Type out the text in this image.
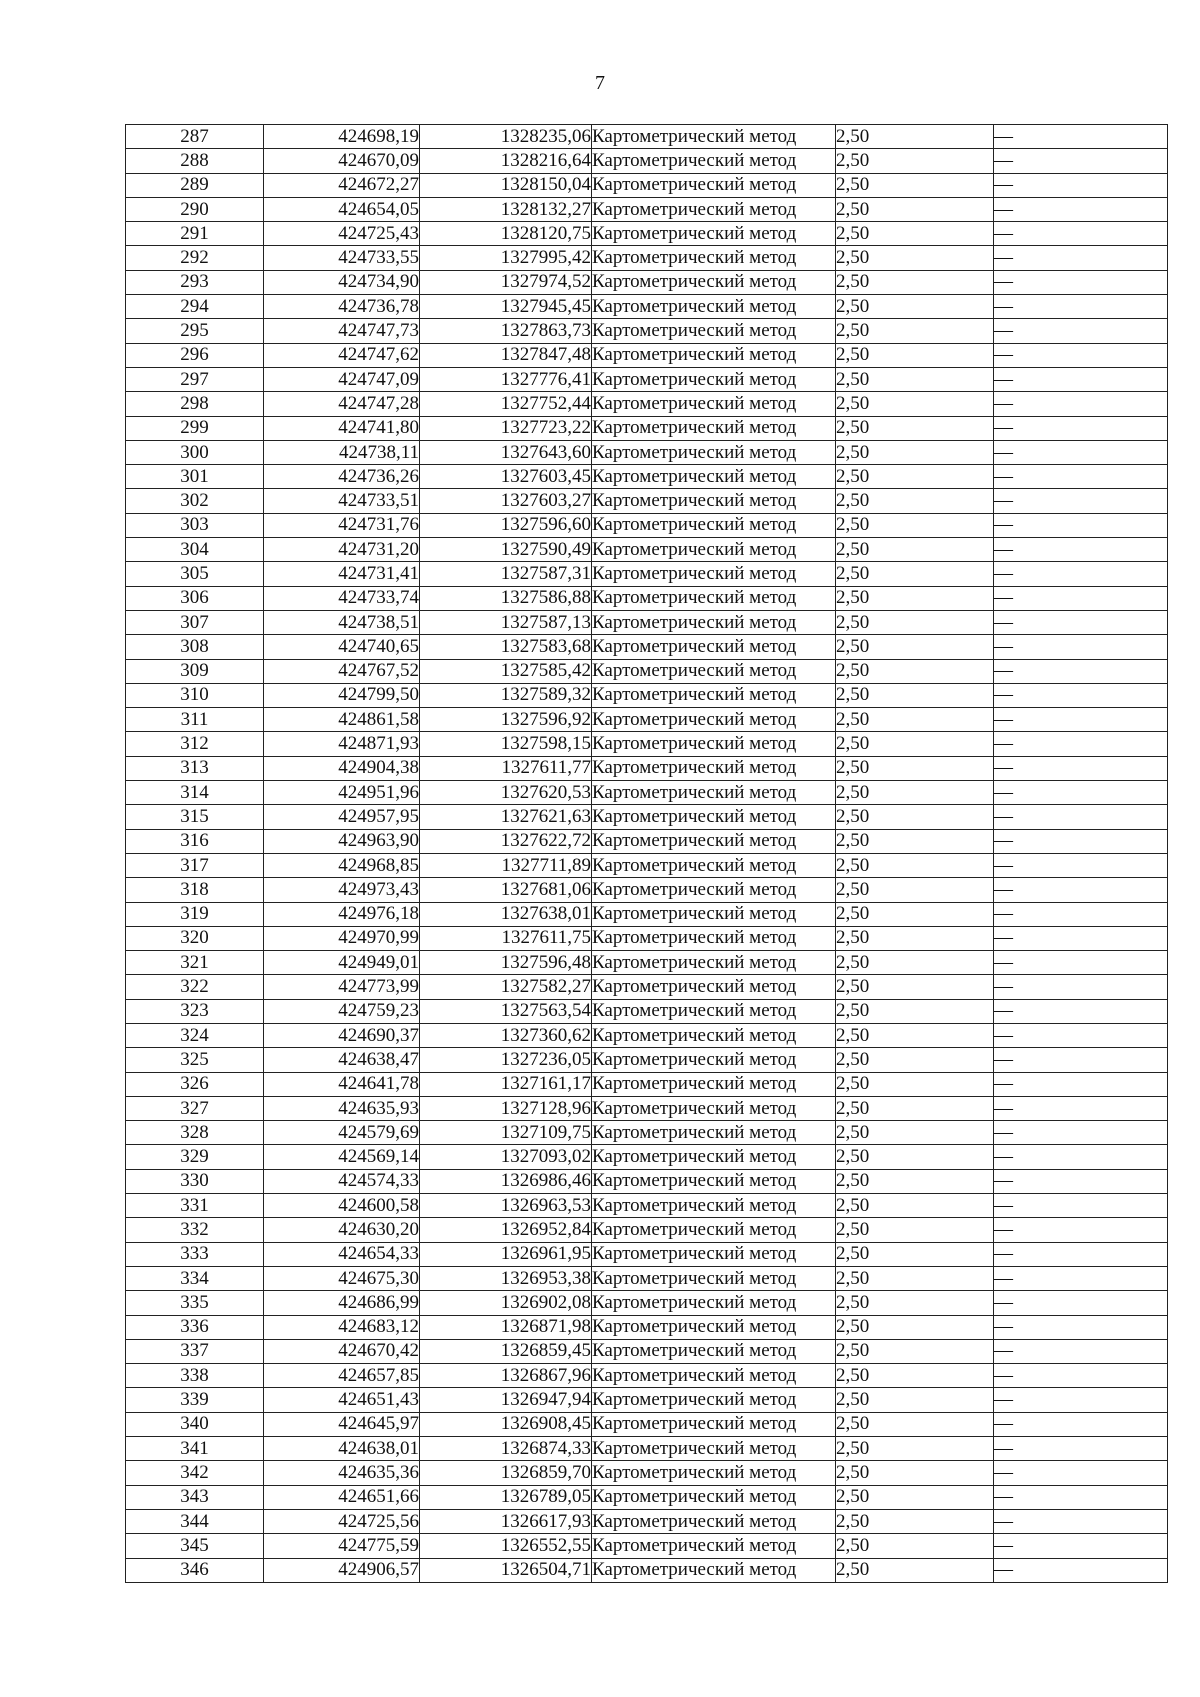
7
287	424698,19	1328235,06	Картометрический метод	2,50	—
288	424670,09	1328216,64	Картометрический метод	2,50	—
289	424672,27	1328150,04	Картометрический метод	2,50	—
290	424654,05	1328132,27	Картометрический метод	2,50	—
291	424725,43	1328120,75	Картометрический метод	2,50	—
292	424733,55	1327995,42	Картометрический метод	2,50	—
293	424734,90	1327974,52	Картометрический метод	2,50	—
294	424736,78	1327945,45	Картометрический метод	2,50	—
295	424747,73	1327863,73	Картометрический метод	2,50	—
296	424747,62	1327847,48	Картометрический метод	2,50	—
297	424747,09	1327776,41	Картометрический метод	2,50	—
298	424747,28	1327752,44	Картометрический метод	2,50	—
299	424741,80	1327723,22	Картометрический метод	2,50	—
300	424738,11	1327643,60	Картометрический метод	2,50	—
301	424736,26	1327603,45	Картометрический метод	2,50	—
302	424733,51	1327603,27	Картометрический метод	2,50	—
303	424731,76	1327596,60	Картометрический метод	2,50	—
304	424731,20	1327590,49	Картометрический метод	2,50	—
305	424731,41	1327587,31	Картометрический метод	2,50	—
306	424733,74	1327586,88	Картометрический метод	2,50	—
307	424738,51	1327587,13	Картометрический метод	2,50	—
308	424740,65	1327583,68	Картометрический метод	2,50	—
309	424767,52	1327585,42	Картометрический метод	2,50	—
310	424799,50	1327589,32	Картометрический метод	2,50	—
311	424861,58	1327596,92	Картометрический метод	2,50	—
312	424871,93	1327598,15	Картометрический метод	2,50	—
313	424904,38	1327611,77	Картометрический метод	2,50	—
314	424951,96	1327620,53	Картометрический метод	2,50	—
315	424957,95	1327621,63	Картометрический метод	2,50	—
316	424963,90	1327622,72	Картометрический метод	2,50	—
317	424968,85	1327711,89	Картометрический метод	2,50	—
318	424973,43	1327681,06	Картометрический метод	2,50	—
319	424976,18	1327638,01	Картометрический метод	2,50	—
320	424970,99	1327611,75	Картометрический метод	2,50	—
321	424949,01	1327596,48	Картометрический метод	2,50	—
322	424773,99	1327582,27	Картометрический метод	2,50	—
323	424759,23	1327563,54	Картометрический метод	2,50	—
324	424690,37	1327360,62	Картометрический метод	2,50	—
325	424638,47	1327236,05	Картометрический метод	2,50	—
326	424641,78	1327161,17	Картометрический метод	2,50	—
327	424635,93	1327128,96	Картометрический метод	2,50	—
328	424579,69	1327109,75	Картометрический метод	2,50	—
329	424569,14	1327093,02	Картометрический метод	2,50	—
330	424574,33	1326986,46	Картометрический метод	2,50	—
331	424600,58	1326963,53	Картометрический метод	2,50	—
332	424630,20	1326952,84	Картометрический метод	2,50	—
333	424654,33	1326961,95	Картометрический метод	2,50	—
334	424675,30	1326953,38	Картометрический метод	2,50	—
335	424686,99	1326902,08	Картометрический метод	2,50	—
336	424683,12	1326871,98	Картометрический метод	2,50	—
337	424670,42	1326859,45	Картометрический метод	2,50	—
338	424657,85	1326867,96	Картометрический метод	2,50	—
339	424651,43	1326947,94	Картометрический метод	2,50	—
340	424645,97	1326908,45	Картометрический метод	2,50	—
341	424638,01	1326874,33	Картометрический метод	2,50	—
342	424635,36	1326859,70	Картометрический метод	2,50	—
343	424651,66	1326789,05	Картометрический метод	2,50	—
344	424725,56	1326617,93	Картометрический метод	2,50	—
345	424775,59	1326552,55	Картометрический метод	2,50	—
346	424906,57	1326504,71	Картометрический метод	2,50	—
